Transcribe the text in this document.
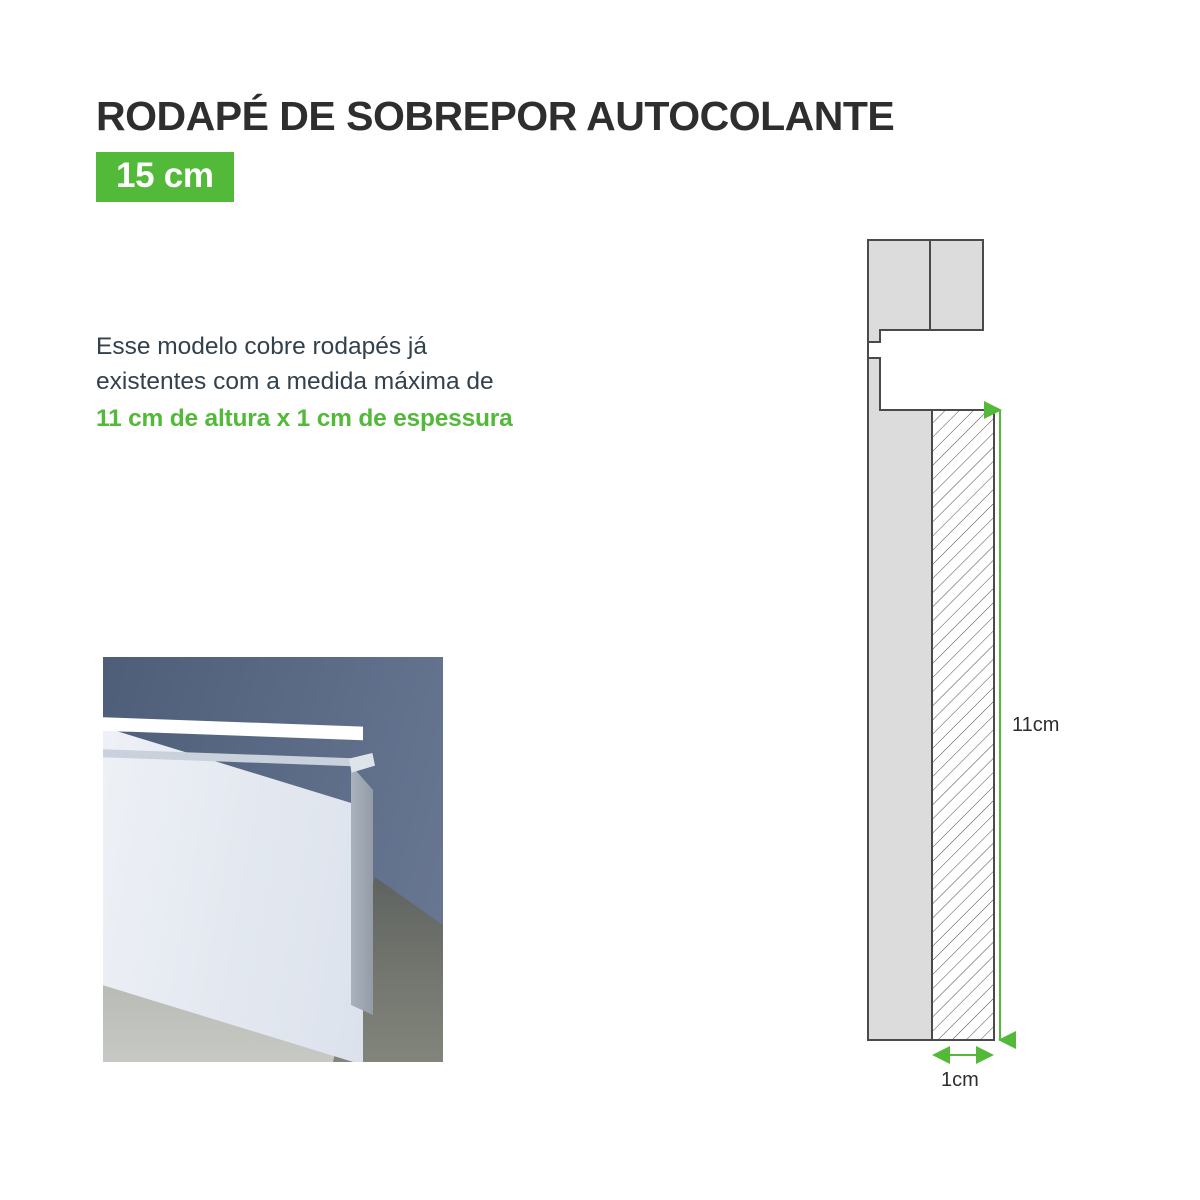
RODAPÉ DE SOBREPOR AUTOCOLANTE
15 cm
Esse modelo cobre rodapés já
existentes com a medida máxima de
11 cm de altura x 1 cm de espessura
11cm
1cm
